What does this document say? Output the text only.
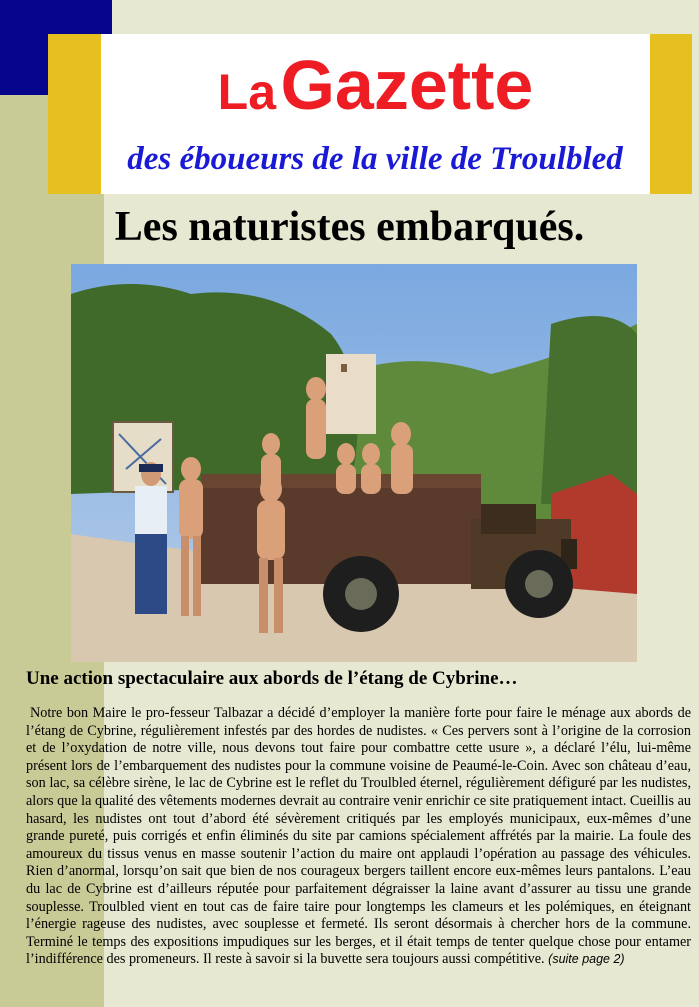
La Gazette
des éboueurs de la ville de Troulbled
Les naturistes embarqués.
Une action spectaculaire aux abords de l’étang de Cybrine…
Notre bon Maire le pro-fesseur Talbazar a décidé d’employer la manière forte pour faire le ménage aux abords de l’étang de Cybrine, régulièrement infestés par des hordes de nudistes. « Ces pervers sont à l’origine de la corrosion et de l’oxydation de notre ville, nous devons tout faire pour combattre cette usure », a déclaré l’élu, lui-même présent lors de l’embarquement des nudistes pour la commune voisine de Peaumé-le-Coin. Avec son château d’eau, son lac, sa célèbre sirène, le lac de Cybrine est le reflet du Troulbled éternel, régulièrement défiguré par les nudistes, alors que la qualité des vêtements modernes devrait au contraire venir enrichir ce site pratiquement intact. Cueillis au hasard, les nudistes ont tout d’abord été sévèrement critiqués par les employés municipaux, eux-mêmes d’une grande pureté, puis corrigés et enfin éliminés du site par camions spécialement affrétés par la mairie. La foule des amoureux du tissus venus en masse soutenir l’action du maire ont applaudi l’opération au passage des véhicules. Rien d’anormal, lorsqu’on sait que bien de nos courageux bergers taillent encore eux-mêmes leurs pantalons. L’eau du lac de Cybrine est d’ailleurs réputée pour parfaitement dégraisser la laine avant d’assurer au tissu une grande souplesse. Troulbled vient en tout cas de faire taire pour longtemps les clameurs et les polémiques, en éteignant l’énergie rageuse des nudistes, avec souplesse et fermeté. Ils seront désormais à chercher hors de la commune. Terminé le temps des expositions impudiques sur les berges, et il était temps de tenter quelque chose pour entamer l’indifférence des promeneurs. Il reste à savoir si la buvette sera toujours aussi compétitive. (suite page 2)
